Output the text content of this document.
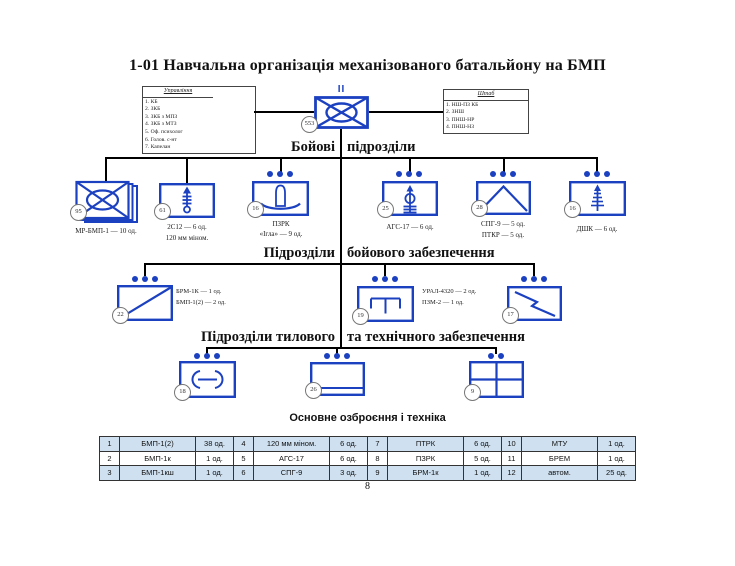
1-01 Навчальна організація механізованого батальйону на БМП
Управління
1. КБ
2. ЗКБ
3. ЗКБ з МПЗ
4. ЗКБ з МТЗ
5. Оф. психолог
6. Голов. с-нт
7. Капелан
Штаб
1. НШ-ПЗ КБ
2. ЗНШ
3. ПНШ-НР
4. ПНШ-НЗ
II
553
Бойові підрозділи
95
МР-БМП-1 — 10 од.
61
2С12 — 6 од.
120 мм міном.
16
ПЗРК
«Ігла» — 9 од.
25
АГС-17 — 6 од.
28
СПГ-9 — 5 од.
ПТКР — 5 од.
16
ДШК — 6 од.
Підрозділи бойового забезпечення
22
БРМ-1К — 1 од.
БМП-1(2) — 2 од.
19
УРАЛ-4320 — 2 од.
ПЗМ-2 — 1 од.
17
Підрозділи тилового та технічного забезпечення
18	26	9
Основне озброєння і техніка
1	БМП-1(2)	38 од.	4	120 мм міном.	6 од.	7	ПТРК	6 од.	10	МТУ	1 од.
2	БМП-1к	1 од.	5	АГС-17	6 од.	8	ПЗРК	5 од.	11	БРЕМ	1 од.
3	БМП-1кш	1 од.	6	СПГ-9	3 од.	9	БРМ-1к	1 од.	12	автом.	25 од.
8
